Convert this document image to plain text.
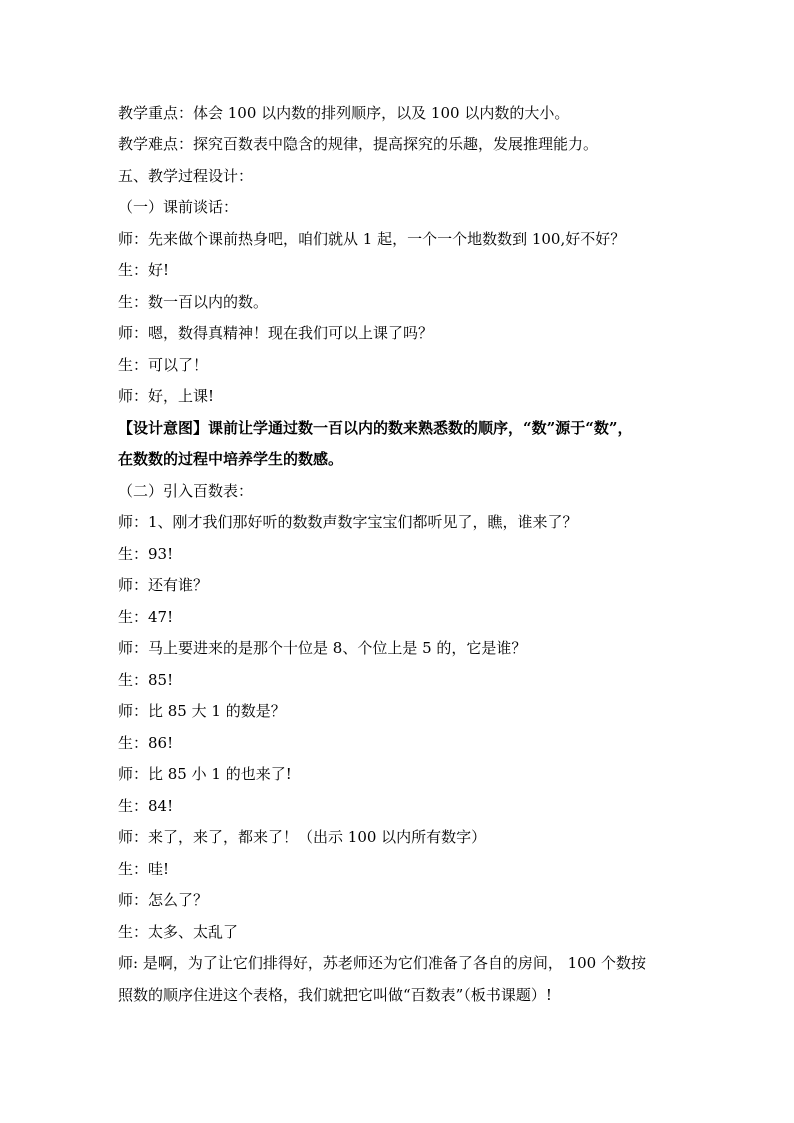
教学重点：体会 100 以内数的排列顺序，以及 100 以内数的大小。
教学难点：探究百数表中隐含的规律，提高探究的乐趣，发展推理能力。
五、教学过程设计：
（一）课前谈话：
师：先来做个课前热身吧，咱们就从 1 起，一个一个地数数到 100,好不好？
生：好!
生：数一百以内的数。
师：嗯，数得真精神！现在我们可以上课了吗？
生：可以了！
师：好，上课!
【设计意图】课前让学通过数一百以内的数来熟悉数的顺序，“数”源于“数”，
在数数的过程中培养学生的数感。
（二）引入百数表：
师：1、刚才我们那好听的数数声数字宝宝们都听见了，瞧，谁来了？
生：93!
师：还有谁？
生：47!
师：马上要进来的是那个十位是 8、个位上是 5 的，它是谁？
生：85!
师：比 85 大 1 的数是？
生：86!
师：比 85 小 1 的也来了!
生：84!
师：来了，来了，都来了！（出示 100 以内所有数字）
生：哇!
师：怎么了？
生：太多、太乱了
师: 是啊，为了让它们排得好，苏老师还为它们准备了各自的房间， 100 个数按
照数的顺序住进这个表格，我们就把它叫做“百数表”（板书课题）!
